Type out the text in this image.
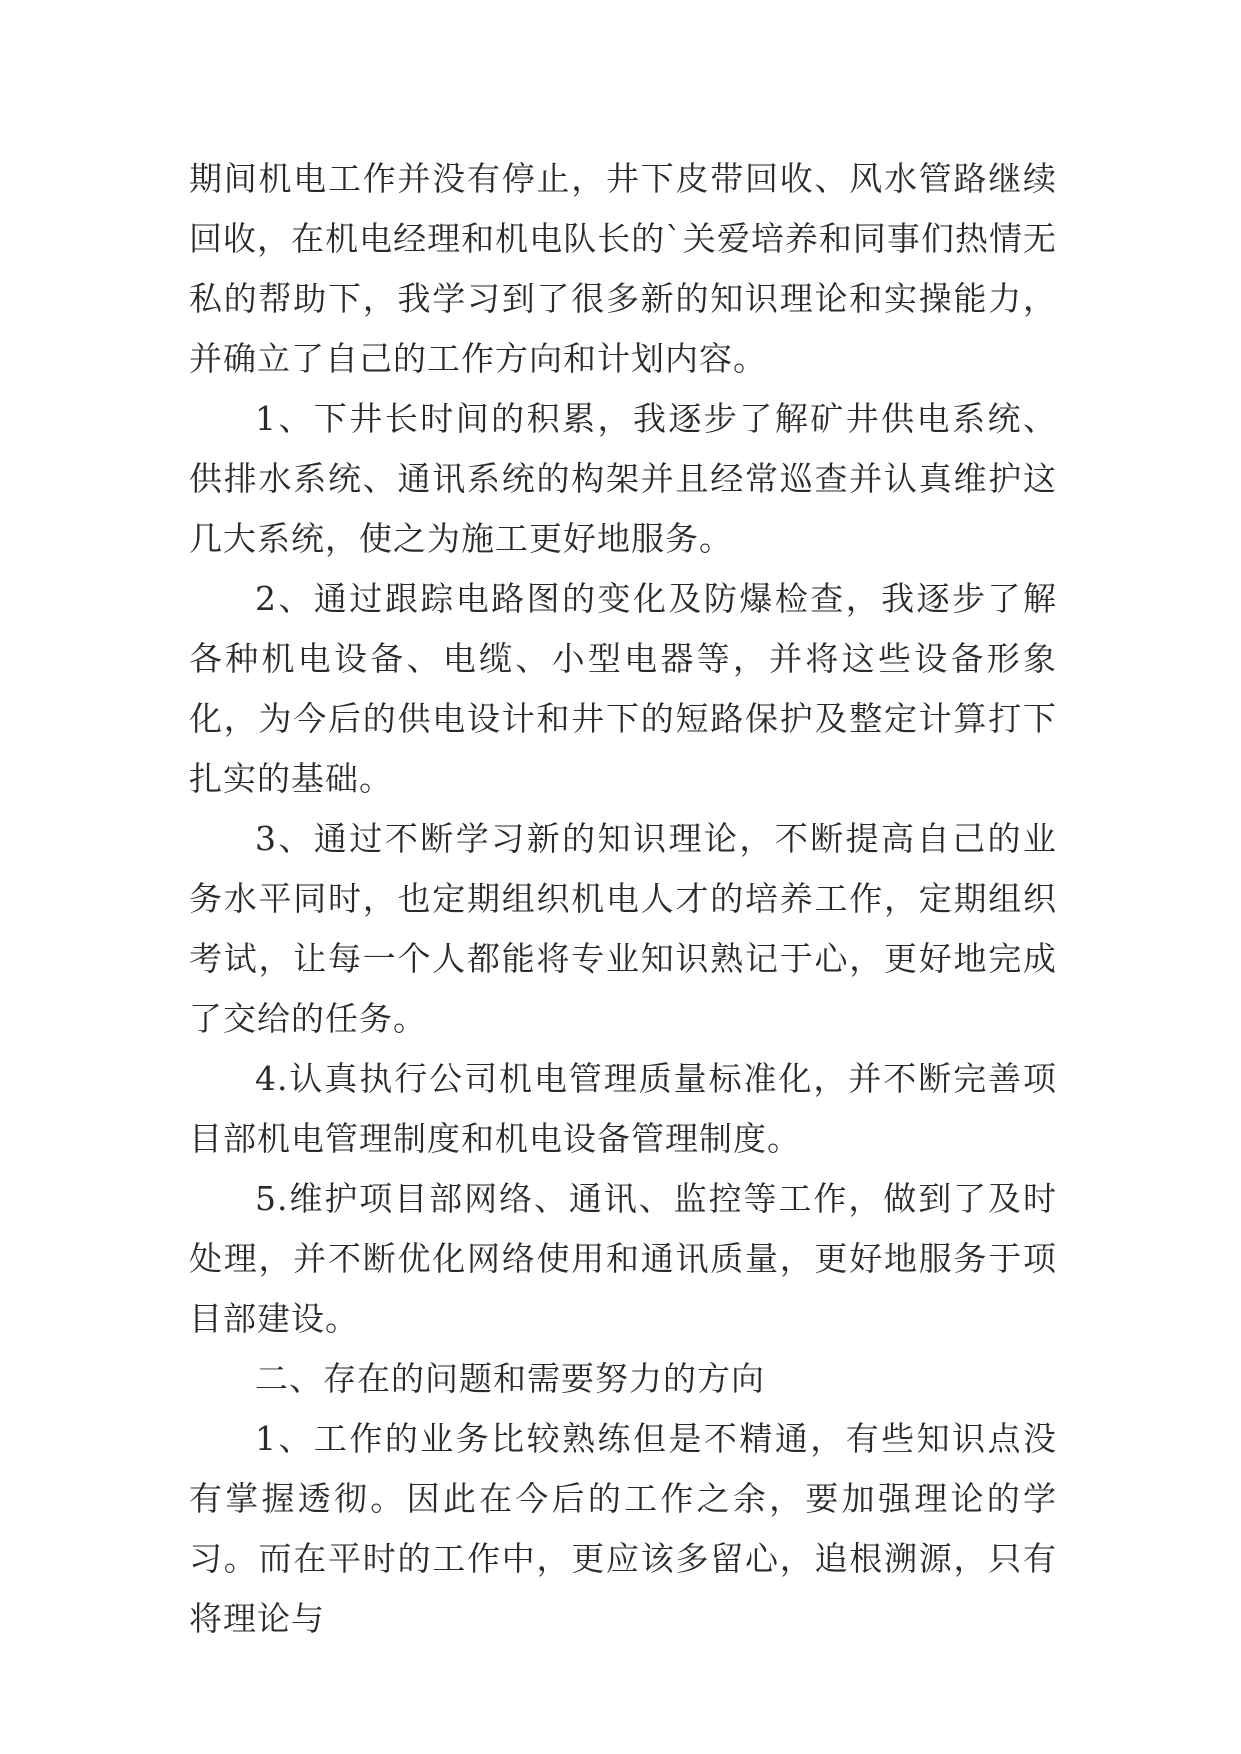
期间机电工作并没有停止，井下皮带回收、风水管路继续回收，在机电经理和机电队长的`关爱培养和同事们热情无私的帮助下，我学习到了很多新的知识理论和实操能力，并确立了自己的工作方向和计划内容。

1、下井长时间的积累，我逐步了解矿井供电系统、供排水系统、通讯系统的构架并且经常巡查并认真维护这几大系统，使之为施工更好地服务。

2、通过跟踪电路图的变化及防爆检查，我逐步了解各种机电设备、电缆、小型电器等，并将这些设备形象化，为今后的供电设计和井下的短路保护及整定计算打下扎实的基础。

3、通过不断学习新的知识理论，不断提高自己的业务水平同时，也定期组织机电人才的培养工作，定期组织考试，让每一个人都能将专业知识熟记于心，更好地完成了交给的任务。

4.认真执行公司机电管理质量标准化，并不断完善项目部机电管理制度和机电设备管理制度。

5.维护项目部网络、通讯、监控等工作，做到了及时处理，并不断优化网络使用和通讯质量，更好地服务于项目部建设。

二、存在的问题和需要努力的方向

1、工作的业务比较熟练但是不精通，有些知识点没有掌握透彻。因此在今后的工作之余，要加强理论的学习。而在平时的工作中，更应该多留心，追根溯源，只有将理论与
